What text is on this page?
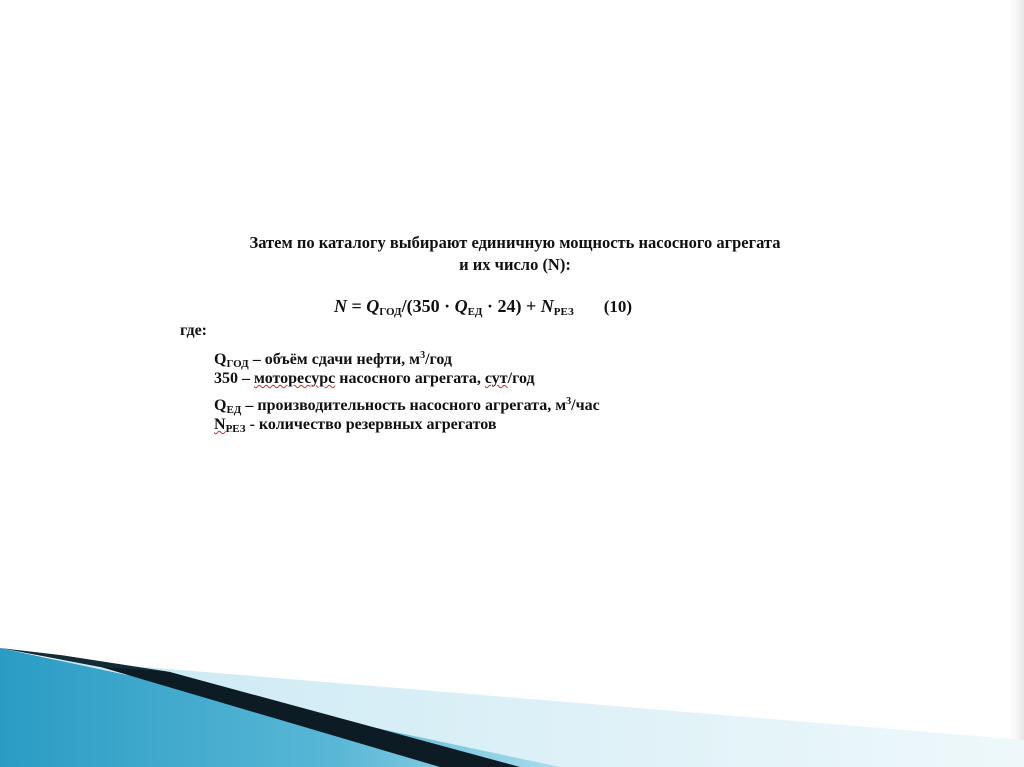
Затем по каталогу выбирают единичную мощность насосного агрегата
и их число (N):
$N = Q_{ГОД}/(350 \cdot Q_{ЕД} \cdot 24) + N_{РЕЗ}$ (10)
где:
$Q_{ГОД}$ – объём сдачи нефти, $м^3$/год
350 – моторесурс насосного агрегата, сут/год
$Q_{ЕД}$ – производительность насосного агрегата, $м^3$/час
$N_{РЕЗ}$ - количество резервных агрегатов
